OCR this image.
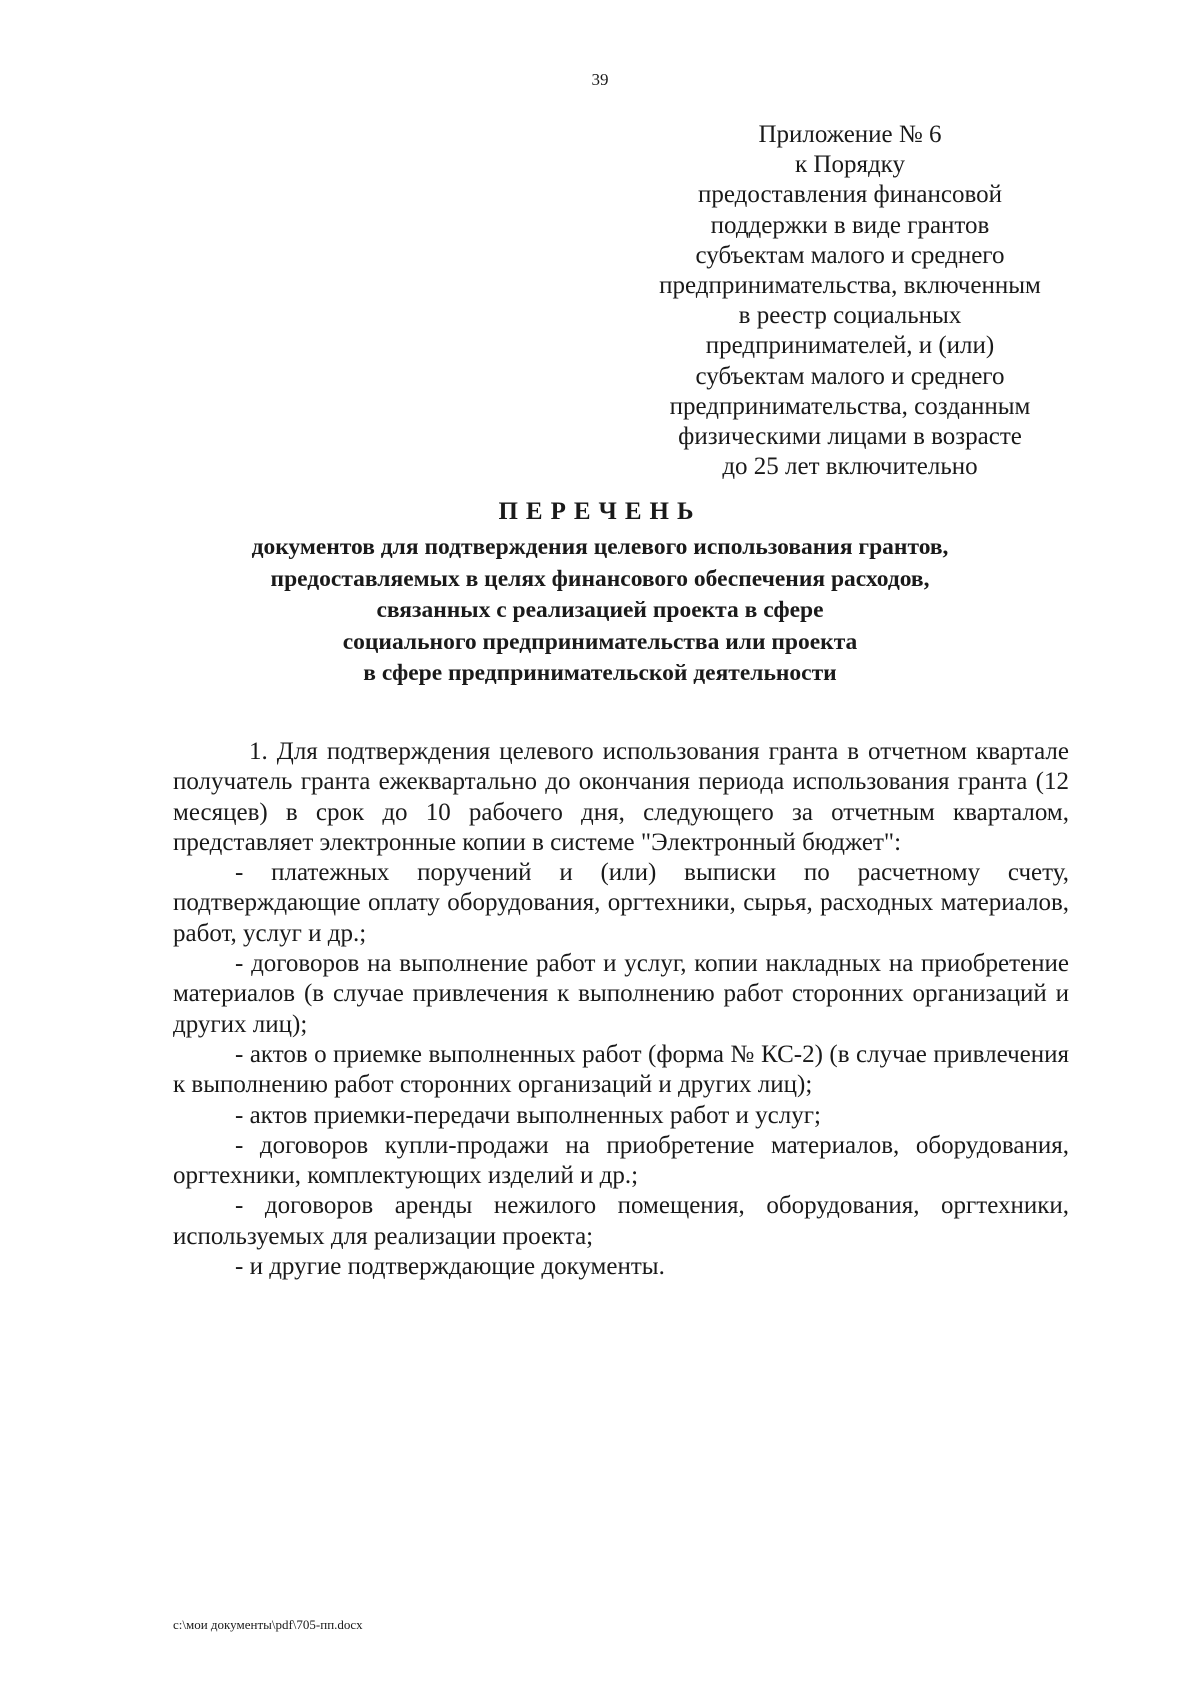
39
Приложение № 6
к Порядку
предоставления финансовой
поддержки в виде грантов
субъектам малого и среднего
предпринимательства, включенным
в реестр социальных
предпринимателей, и (или)
субъектам малого и среднего
предпринимательства, созданным
физическими лицами в возрасте
до 25 лет включительно
ПЕРЕЧЕНЬ
документов для подтверждения целевого использования грантов,
предоставляемых в целях финансового обеспечения расходов,
связанных с реализацией проекта в сфере
социального предпринимательства или проекта
в сфере предпринимательской деятельности

1. Для подтверждения целевого использования гранта в отчетном квартале получатель гранта ежеквартально до окончания периода использования гранта (12 месяцев) в срок до 10 рабочего дня, следующего за отчетным кварталом, представляет электронные копии в системе "Электронный бюджет":

- платежных поручений и (или) выписки по расчетному счету, подтверждающие оплату оборудования, оргтехники, сырья, расходных материалов, работ, услуг и др.;

- договоров на выполнение работ и услуг, копии накладных на приобретение материалов (в случае привлечения к выполнению работ сторонних организаций и других лиц);

- актов о приемке выполненных работ (форма № КС-2) (в случае привлечения к выполнению работ сторонних организаций и других лиц);

- актов приемки-передачи выполненных работ и услуг;

- договоров купли-продажи на приобретение материалов, оборудования, оргтехники, комплектующих изделий и др.;

- договоров аренды нежилого помещения, оборудования, оргтехники, используемых для реализации проекта;

- и другие подтверждающие документы.

c:\мои документы\pdf\705-пп.docx
